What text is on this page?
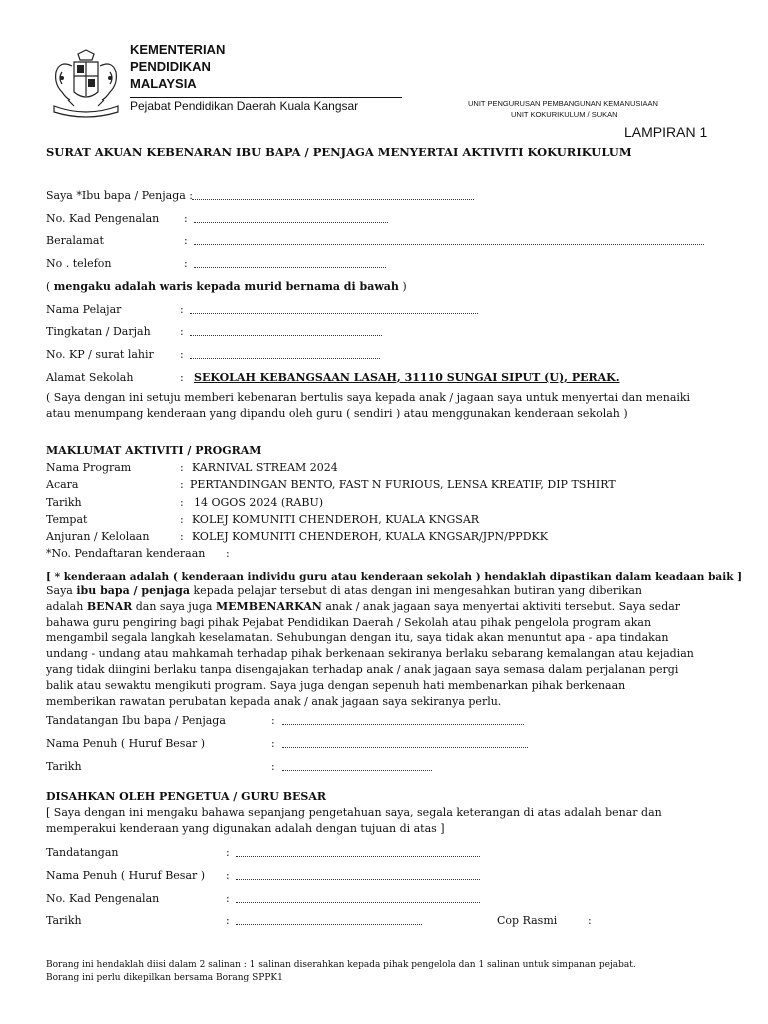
KEMENTERIAN
PENDIDIKAN
MALAYSIA
Pejabat Pendidikan Daerah Kuala Kangsar	UNIT PENGURUSAN PEMBANGUNAN KEMANUSIAAN
UNIT KOKURIKULUM / SUKAN
LAMPIRAN 1
SURAT AKUAN KEBENARAN IBU BAPA / PENJAGA MENYERTAI AKTIVITI KOKURIKULUM
Saya *Ibu bapa / Penjaga :
No. Kad Pengenalan :
Beralamat	:
No . telefon	:
( mengaku adalah waris kepada murid bernama di bawah )
Nama Pelajar	:
Tingkatan / Darjah	:
No. KP / surat lahir :
Alamat Sekolah	: SEKOLAH KEBANGSAAN LASAH, 31110 SUNGAI SIPUT (U), PERAK.
( Saya dengan ini setuju memberi kebenaran bertulis saya kepada anak / jagaan saya untuk menyertai dan menaiki
atau menumpang kenderaan yang dipandu oleh guru ( sendiri ) atau menggunakan kenderaan sekolah )
MAKLUMAT AKTIVITI / PROGRAM
Nama Program	: KARNIVAL STREAM 2024
Acara	: PERTANDINGAN BENTO, FAST N FURIOUS, LENSA KREATIF, DIP TSHIRT
Tarikh	: 14 OGOS 2024 (RABU)
Tempat	: KOLEJ KOMUNITI CHENDEROH, KUALA KNGSAR
Anjuran / Kelolaan	: KOLEJ KOMUNITI CHENDEROH, KUALA KNGSAR/JPN/PPDKK
*No. Pendaftaran kenderaan :
[ * kenderaan adalah ( kenderaan individu guru atau kenderaan sekolah ) hendaklah dipastikan dalam keadaan baik ]
Saya ibu bapa / penjaga kepada pelajar tersebut di atas dengan ini mengesahkan butiran yang diberikan
adalah BENAR dan saya juga MEMBENARKAN anak / anak jagaan saya menyertai aktiviti tersebut. Saya sedar
bahawa guru pengiring bagi pihak Pejabat Pendidikan Daerah / Sekolah atau pihak pengelola program akan
mengambil segala langkah keselamatan. Sehubungan dengan itu, saya tidak akan menuntut apa - apa tindakan
undang - undang atau mahkamah terhadap pihak berkenaan sekiranya berlaku sebarang kemalangan atau kejadian
yang tidak diingini berlaku tanpa disengajakan terhadap anak / anak jagaan saya semasa dalam perjalanan pergi
balik atau sewaktu mengikuti program. Saya juga dengan sepenuh hati membenarkan pihak berkenaan
memberikan rawatan perubatan kepada anak / anak jagaan saya sekiranya perlu.
Tandatangan Ibu bapa / Penjaga	:
Nama Penuh ( Huruf Besar )	:
Tarikh	:
DISAHKAN OLEH PENGETUA / GURU BESAR
[ Saya dengan ini mengaku bahawa sepanjang pengetahuan saya, segala keterangan di atas adalah benar dan
memperakui kenderaan yang digunakan adalah dengan tujuan di atas ]
Tandatangan	:
Nama Penuh ( Huruf Besar ) :
No. Kad Pengenalan	:
Tarikh	:	Cop Rasmi	:
Borang ini hendaklah diisi dalam 2 salinan : 1 salinan diserahkan kepada pihak pengelola dan 1 salinan untuk simpanan pejabat.
Borang ini perlu dikepilkan bersama Borang SPPK1
